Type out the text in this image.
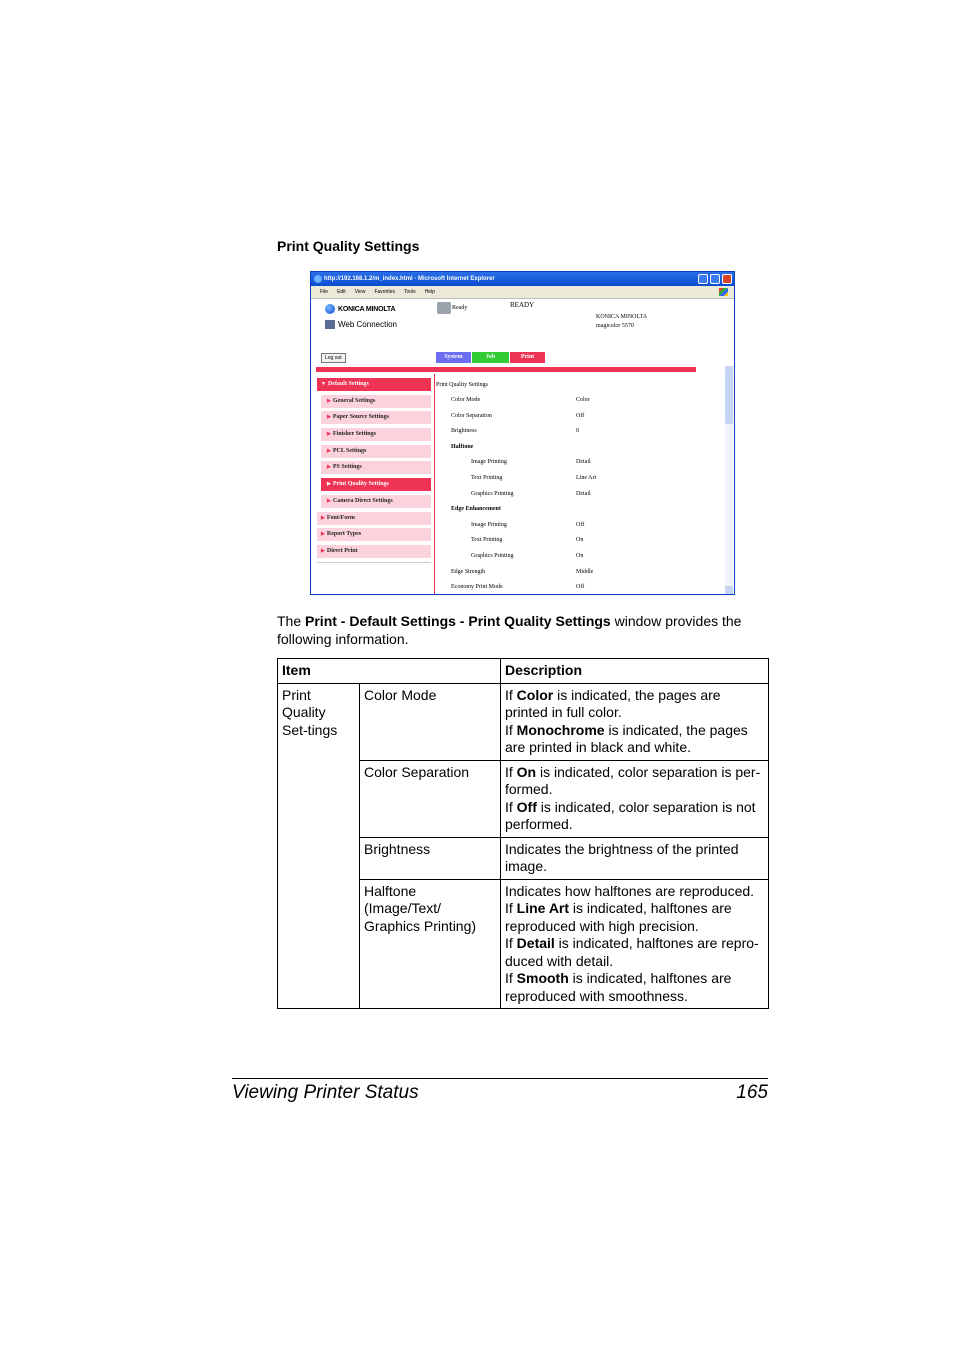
Print Quality Settings
http://192.168.1.2/m_index.html - Microsoft Internet Explorer
File Edit View Favorites Tools Help
KONICA MINOLTA
Web Connection
Ready	READY
KONICA MINOLTA
magicolor 5570
Log out	System	Job	Print
▼ Default Settings
▶ General Settings
▶ Paper Source Settings
▶ Finisher Settings
▶ PCL Settings
▶ PS Settings
▶ Print Quality Settings
▶ Camera Direct Settings
▶ Font/Form
▶ Report Types
▶ Direct Print
Print Quality Settings
Color Mode	Color
Color Separation	Off
Brightness	0
Halftone
Image Printing	Detail
Text Printing	Line Art
Graphics Printing	Detail
Edge Enhancement
Image Printing	Off
Text Printing	On
Graphics Printing	On
Edge Strength	Middle
Economy Print Mode	Off
The Print - Default Settings - Print Quality Settings window provides the following information.
Item		Description
Print Quality Set-tings	Color Mode	If Color is indicated, the pages are printed in full color.
If Monochrome is indicated, the pages are printed in black and white.

	Color Separation	If On is indicated, color separation is per-formed.
If Off is indicated, color separation is not performed.

	Brightness	Indicates the brightness of the printed image.

	Halftone (Image/Text/ Graphics Printing)	Indicates how halftones are reproduced.
If Line Art is indicated, halftones are reproduced with high precision.
If Detail is indicated, halftones are repro-duced with detail.
If Smooth is indicated, halftones are reproduced with smoothness.
Viewing Printer Status	165
